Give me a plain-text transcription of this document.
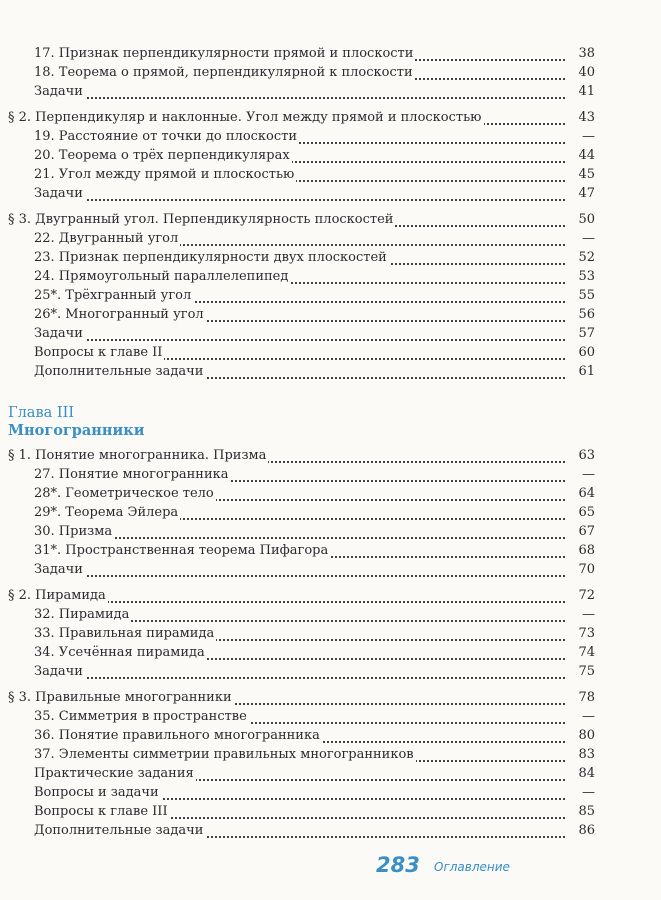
17. Признак перпендикулярности прямой и плоскости	38
18. Теорема о прямой, перпендикулярной к плоскости	40
Задачи	41
§ 2. Перпендикуляр и наклонные. Угол между прямой и плоскостью	43
19. Расстояние от точки до плоскости	—
20. Теорема о трёх перпендикулярах	44
21. Угол между прямой и плоскостью	45
Задачи	47
§ 3. Двугранный угол. Перпендикулярность плоскостей	50
22. Двугранный угол	—
23. Признак перпендикулярности двух плоскостей	52
24. Прямоугольный параллелепипед	53
25*. Трёхгранный угол	55
26*. Многогранный угол	56
Задачи	57
Вопросы к главе II	60
Дополнительные задачи	61
Глава III
Многогранники
§ 1. Понятие многогранника. Призма	63
27. Понятие многогранника	—
28*. Геометрическое тело	64
29*. Теорема Эйлера	65
30. Призма	67
31*. Пространственная теорема Пифагора	68
Задачи	70
§ 2. Пирамида	72
32. Пирамида	—
33. Правильная пирамида	73
34. Усечённая пирамида	74
Задачи	75
§ 3. Правильные многогранники	78
35. Симметрия в пространстве	—
36. Понятие правильного многогранника	80
37. Элементы симметрии правильных многогранников	83
Практические задания	84
Вопросы и задачи	—
Вопросы к главе III	85
Дополнительные задачи	86
283 Оглавление
